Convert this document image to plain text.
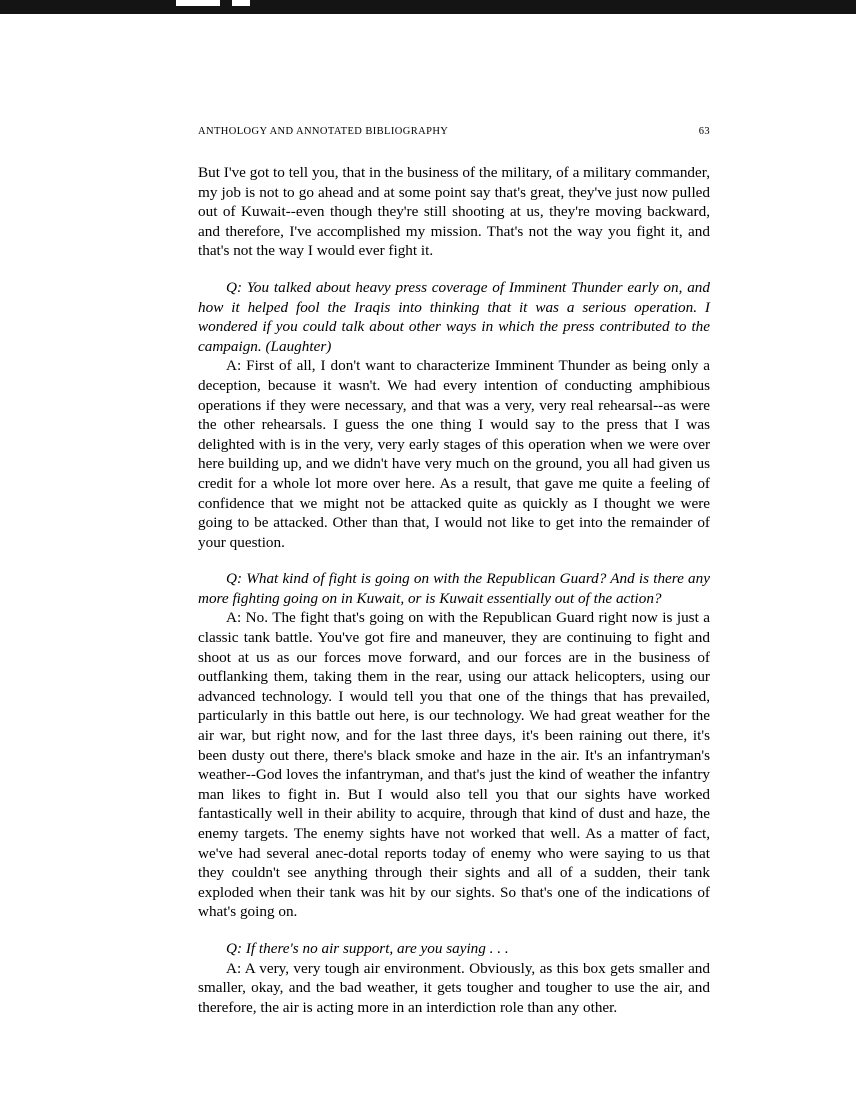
ANTHOLOGY AND ANNOTATED BIBLIOGRAPHY	63

But I've got to tell you, that in the business of the military, of a military commander, my job is not to go ahead and at some point say that's great, they've just now pulled out of Kuwait--even though they're still shooting at us, they're moving backward, and therefore, I've accomplished my mission. That's not the way you fight it, and that's not the way I would ever fight it.

Q: You talked about heavy press coverage of Imminent Thunder early on, and how it helped fool the Iraqis into thinking that it was a serious operation. I wondered if you could talk about other ways in which the press contributed to the campaign. (Laughter)

A: First of all, I don't want to characterize Imminent Thunder as being only a deception, because it wasn't. We had every intention of conducting amphibious operations if they were necessary, and that was a very, very real rehearsal--as were the other rehearsals. I guess the one thing I would say to the press that I was delighted with is in the very, very early stages of this operation when we were over here building up, and we didn't have very much on the ground, you all had given us credit for a whole lot more over here. As a result, that gave me quite a feeling of confidence that we might not be attacked quite as quickly as I thought we were going to be attacked. Other than that, I would not like to get into the remainder of your question.

Q: What kind of fight is going on with the Republican Guard? And is there any more fighting going on in Kuwait, or is Kuwait essentially out of the action?

A: No. The fight that's going on with the Republican Guard right now is just a classic tank battle. You've got fire and maneuver, they are continuing to fight and shoot at us as our forces move forward, and our forces are in the business of outflanking them, taking them in the rear, using our attack helicopters, using our advanced technology. I would tell you that one of the things that has prevailed, particularly in this battle out here, is our technology. We had great weather for the air war, but right now, and for the last three days, it's been raining out there, it's been dusty out there, there's black smoke and haze in the air. It's an infantryman's weather--God loves the infantryman, and that's just the kind of weather the infantry man likes to fight in. But I would also tell you that our sights have worked fantastically well in their ability to acquire, through that kind of dust and haze, the enemy targets. The enemy sights have not worked that well. As a matter of fact, we've had several anec-dotal reports today of enemy who were saying to us that they couldn't see anything through their sights and all of a sudden, their tank exploded when their tank was hit by our sights. So that's one of the indications of what's going on.

Q: If there's no air support, are you saying . . .

A: A very, very tough air environment. Obviously, as this box gets smaller and smaller, okay, and the bad weather, it gets tougher and tougher to use the air, and therefore, the air is acting more in an interdiction role than any other.
